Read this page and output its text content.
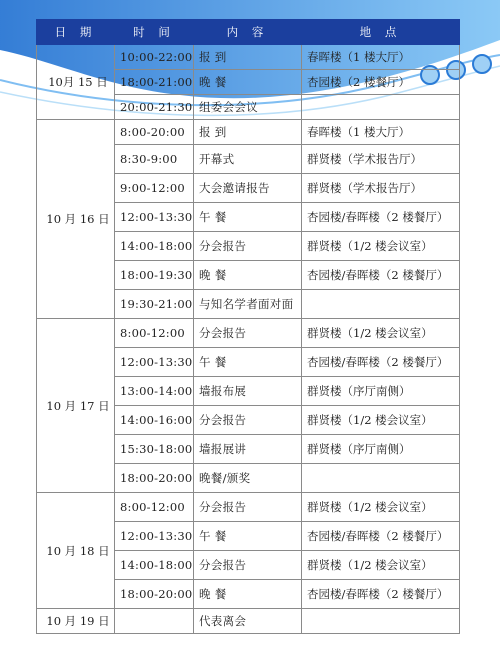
日 期	时 间	内 容	地 点
10月 15 日	10:00-22:00	报 到	春晖楼（1 楼大厅）
	18:00-21:00	晚 餐	杏园楼（2 楼餐厅）
	20:00-21:30	组委会会议	
10 月 16 日	8:00-20:00	报 到	春晖楼（1 楼大厅）
	8:30-9:00	开幕式	群贤楼（学术报告厅）
	9:00-12:00	大会邀请报告	群贤楼（学术报告厅）
	12:00-13:30	午 餐	杏园楼/春晖楼（2 楼餐厅）
	14:00-18:00	分会报告	群贤楼（1/2 楼会议室）
	18:00-19:30	晚 餐	杏园楼/春晖楼（2 楼餐厅）
	19:30-21:00	与知名学者面对面	
10 月 17 日	8:00-12:00	分会报告	群贤楼（1/2 楼会议室）
	12:00-13:30	午 餐	杏园楼/春晖楼（2 楼餐厅）
	13:00-14:00	墙报布展	群贤楼（序厅南侧）
	14:00-16:00	分会报告	群贤楼（1/2 楼会议室）
	15:30-18:00	墙报展讲	群贤楼（序厅南侧）
	18:00-20:00	晚餐/颁奖	
10 月 18 日	8:00-12:00	分会报告	群贤楼（1/2 楼会议室）
	12:00-13:30	午 餐	杏园楼/春晖楼（2 楼餐厅）
	14:00-18:00	分会报告	群贤楼（1/2 楼会议室）
	18:00-20:00	晚 餐	杏园楼/春晖楼（2 楼餐厅）
10 月 19 日		代表离会	
